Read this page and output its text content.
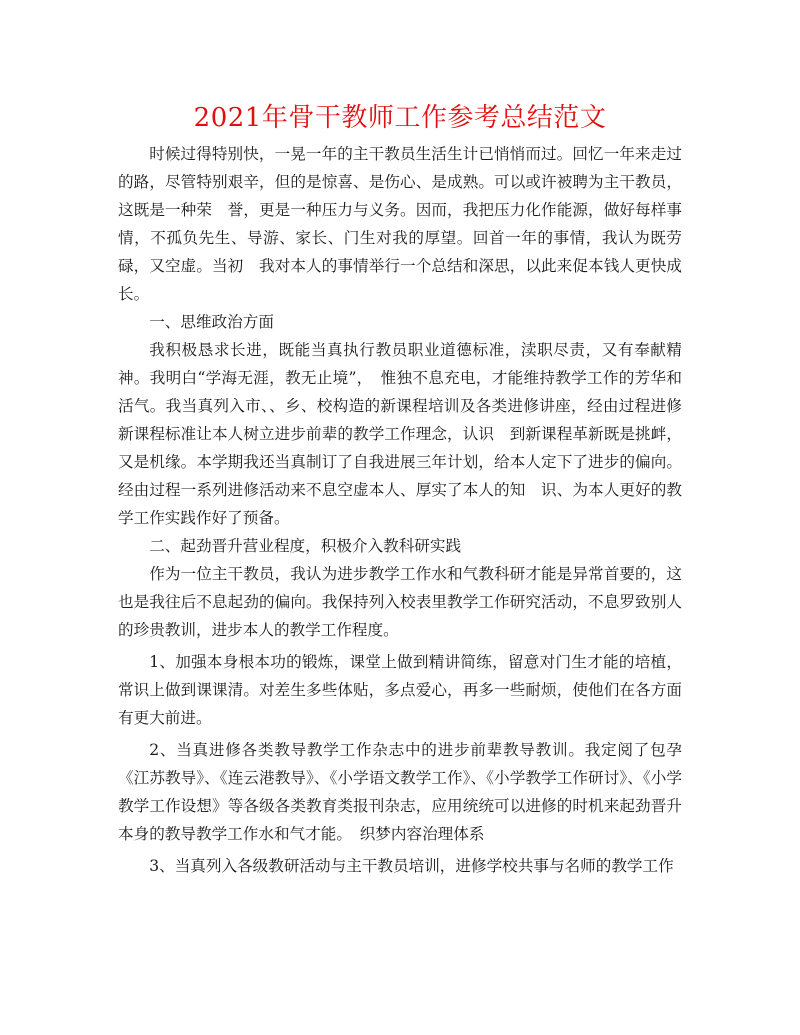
2021年骨干教师工作参考总结范文

时候过得特别快，一晃一年的主干教员生活生计已悄悄而过。回忆一年来走过的路，尽管特别艰辛，但的是惊喜、是伤心、是成熟。可以或许被聘为主干教员，这既是一种荣　誉，更是一种压力与义务。因而，我把压力化作能源，做好每样事情，不孤负先生、导游、家长、门生对我的厚望。回首一年的事情，我认为既劳碌，又空虚。当初　我对本人的事情举行一个总结和深思，以此来促本钱人更快成长。

一、思维政治方面

我积极恳求长进，既能当真执行教员职业道德标准，渎职尽责，又有奉献精神。我明白“学海无涯，教无止境”，　惟独不息充电，才能维持教学工作的芳华和活气。我当真列入市、、乡、校构造的新课程培训及各类进修讲座，经由过程进修新课程标准让本人树立进步前辈的教学工作理念，认识　到新课程革新既是挑衅，又是机缘。本学期我还当真制订了自我进展三年计划，给本人定下了进步的偏向。经由过程一系列进修活动来不息空虚本人、厚实了本人的知　识、为本人更好的教学工作实践作好了预备。

二、起劲晋升营业程度，积极介入教科研实践

作为一位主干教员，我认为进步教学工作水和气教科研才能是异常首要的，这也是我往后不息起劲的偏向。我保持列入校表里教学工作研究活动，不息罗致别人的珍贵教训，进步本人的教学工作程度。

1、加强本身根本功的锻炼，课堂上做到精讲简练，留意对门生才能的培植，常识上做到课课清。对差生多些体贴，多点爱心，再多一些耐烦，使他们在各方面有更大前进。

2、当真进修各类教导教学工作杂志中的进步前辈教导教训。我定阅了包孕《江苏教导》、《连云港教导》、《小学语文教学工作》、《小学教学工作研讨》、《小学教学工作设想》等各级各类教育类报刊杂志，应用统统可以进修的时机来起劲晋升本身的教导教学工作水和气才能。　织梦内容治理体系

3、当真列入各级教研活动与主干教员培训，进修学校共事与名师的教学工作
